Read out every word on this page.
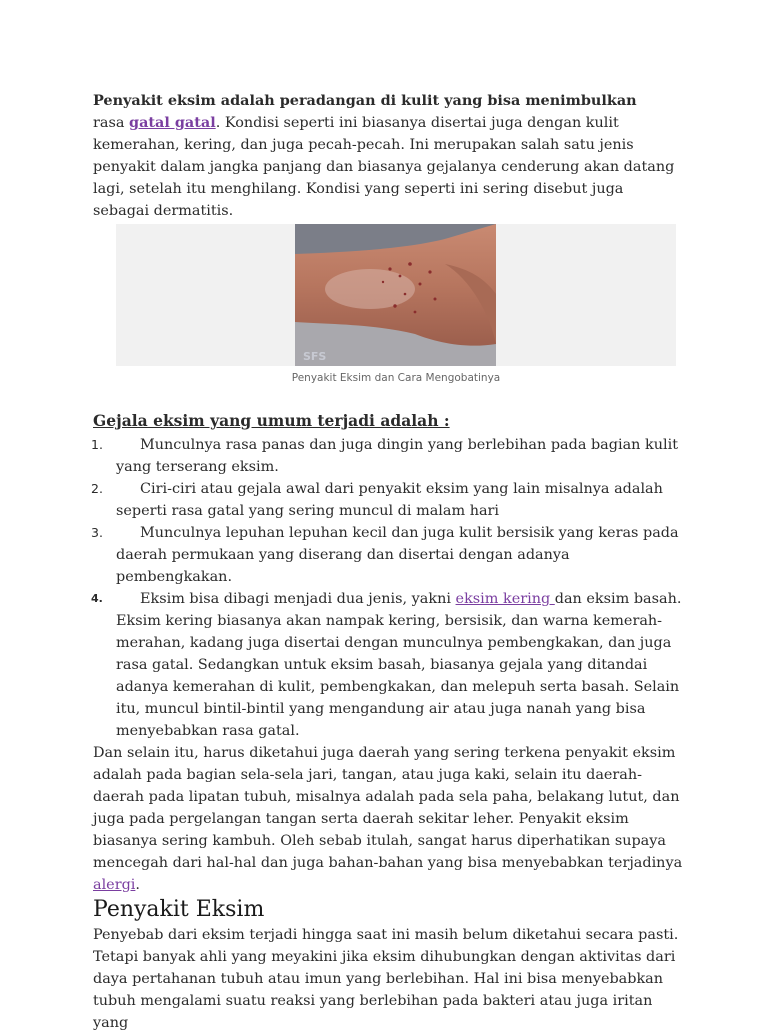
Penyakit eksim adalah peradangan di kulit yang bisa menimbulkan
rasa gatal gatal. Kondisi seperti ini biasanya disertai juga dengan kulit kemerahan, kering, dan juga pecah-pecah. Ini merupakan salah satu jenis penyakit dalam jangka panjang dan biasanya gejalanya cenderung akan datang lagi, setelah itu menghilang. Kondisi yang seperti ini sering disebut juga sebagai dermatitis.

SFS
Penyakit Eksim dan Cara Mengobatinya
Gejala eksim yang umum terjadi adalah :
1.	Munculnya rasa panas dan juga dingin yang berlebihan pada bagian kulit yang terserang eksim.
2.	Ciri-ciri atau gejala awal dari penyakit eksim yang lain misalnya adalah seperti rasa gatal yang sering muncul di malam hari
3.	Munculnya lepuhan lepuhan kecil dan juga kulit bersisik yang keras pada daerah permukaan yang diserang dan disertai dengan adanya pembengkakan.
4.	Eksim bisa dibagi menjadi dua jenis, yakni eksim kering dan eksim basah. Eksim kering biasanya akan nampak kering, bersisik, dan warna kemerah-merahan, kadang juga disertai dengan munculnya pembengkakan, dan juga rasa gatal. Sedangkan untuk eksim basah, biasanya gejala yang ditandai adanya kemerahan di kulit, pembengkakan, dan melepuh serta basah. Selain itu, muncul bintil-bintil yang mengandung air atau juga nanah yang bisa menyebabkan rasa gatal.

Dan selain itu, harus diketahui juga daerah yang sering terkena penyakit eksim adalah pada bagian sela-sela jari, tangan, atau juga kaki, selain itu daerah-daerah pada lipatan tubuh, misalnya adalah pada sela paha, belakang lutut, dan juga pada pergelangan tangan serta daerah sekitar leher. Penyakit eksim biasanya sering kambuh. Oleh sebab itulah, sangat harus diperhatikan supaya mencegah dari hal-hal dan juga bahan-bahan yang bisa menyebabkan terjadinya alergi.

Penyakit Eksim

Penyebab dari eksim terjadi hingga saat ini masih belum diketahui secara pasti. Tetapi banyak ahli yang meyakini jika eksim dihubungkan dengan aktivitas dari daya pertahanan tubuh atau imun yang berlebihan. Hal ini bisa menyebabkan tubuh mengalami suatu reaksi yang berlebihan pada bakteri atau juga iritan yang
